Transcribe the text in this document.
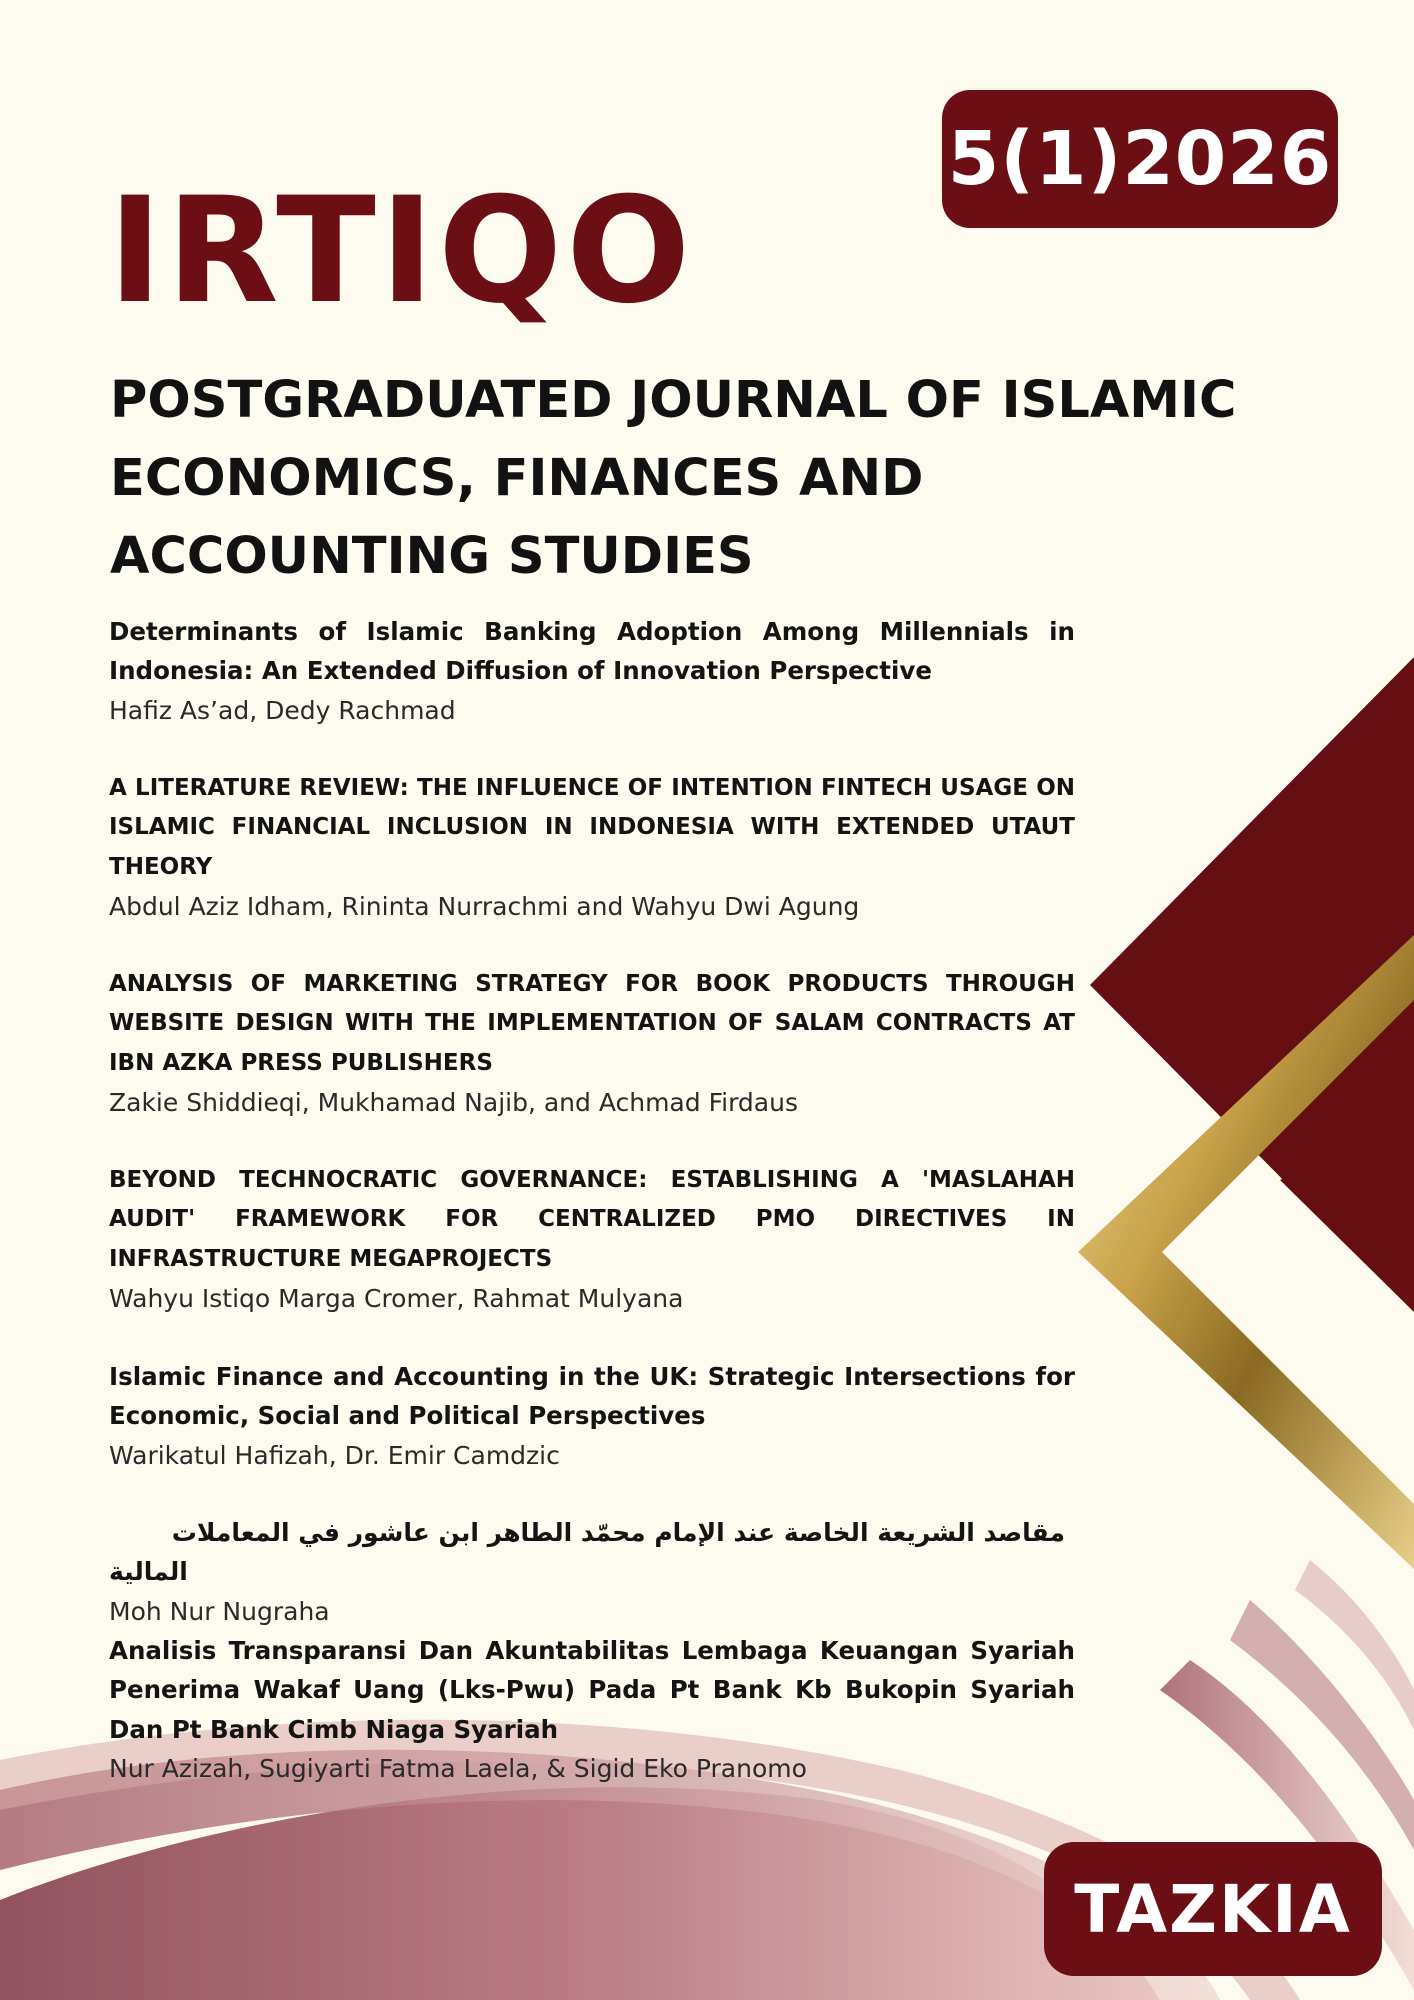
5(1)2026
IRTIQO
POSTGRADUATED JOURNAL OF ISLAMIC
ECONOMICS, FINANCES AND
ACCOUNTING STUDIES
Determinants of Islamic Banking Adoption Among Millennials in Indonesia: An Extended Diffusion of Innovation Perspective
Hafiz As’ad, Dedy Rachmad
A LITERATURE REVIEW: THE INFLUENCE OF INTENTION FINTECH USAGE ON ISLAMIC FINANCIAL INCLUSION IN INDONESIA WITH EXTENDED UTAUT THEORY
Abdul Aziz Idham, Rininta Nurrachmi and Wahyu Dwi Agung
ANALYSIS OF MARKETING STRATEGY FOR BOOK PRODUCTS THROUGH WEBSITE DESIGN WITH THE IMPLEMENTATION OF SALAM CONTRACTS AT IBN AZKA PRESS PUBLISHERS
Zakie Shiddieqi, Mukhamad Najib, and Achmad Firdaus
BEYOND TECHNOCRATIC GOVERNANCE: ESTABLISHING A 'MASLAHAH AUDIT' FRAMEWORK FOR CENTRALIZED PMO DIRECTIVES IN INFRASTRUCTURE MEGAPROJECTS
Wahyu Istiqo Marga Cromer, Rahmat Mulyana
Islamic Finance and Accounting in the UK: Strategic Intersections for Economic, Social and Political Perspectives
Warikatul Hafizah, Dr. Emir Camdzic
مقاصد الشريعة الخاصة عند الإمام محمّد الطاهر ابن عاشور في المعاملات المالية
Moh Nur Nugraha
Analisis Transparansi Dan Akuntabilitas Lembaga Keuangan Syariah Penerima Wakaf Uang (Lks-Pwu) Pada Pt Bank Kb Bukopin Syariah Dan Pt Bank Cimb Niaga Syariah
Nur Azizah, Sugiyarti Fatma Laela, & Sigid Eko Pranomo
TAZKIA
